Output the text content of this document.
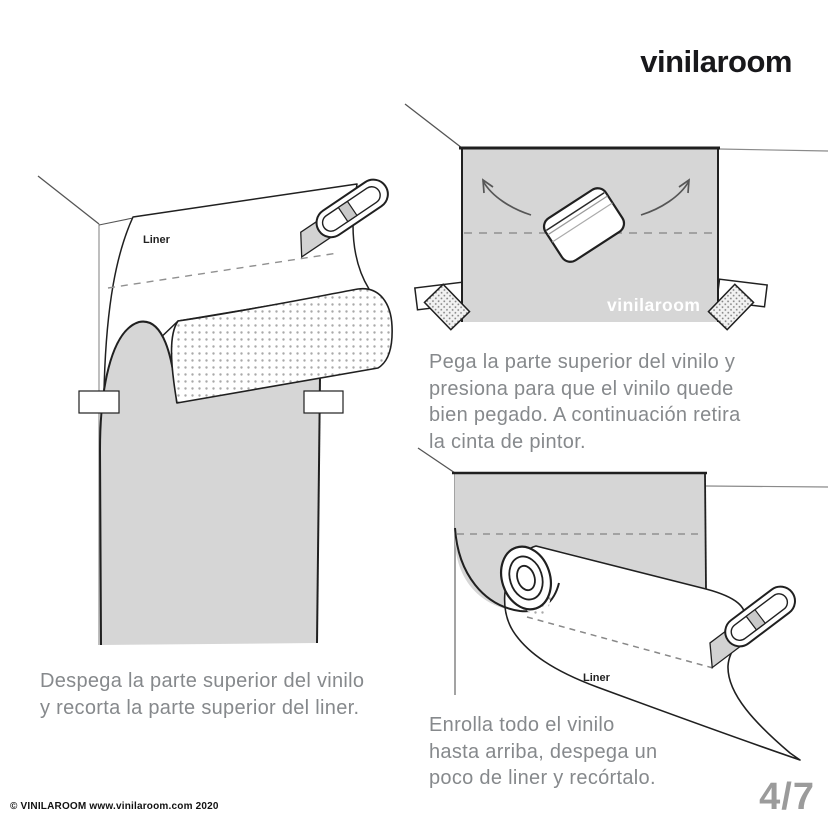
Liner
vinilaroom
Liner
vinilaroom
Despega la parte superior del vinilo
y recorta la parte superior del liner.
Pega la parte superior del vinilo y
presiona para que el vinilo quede
bien pegado. A continuación retira
la cinta de pintor.
Enrolla todo el vinilo
hasta arriba, despega un
poco de liner y recórtalo.
© VINILAROOM www.vinilaroom.com 2020	4/7
